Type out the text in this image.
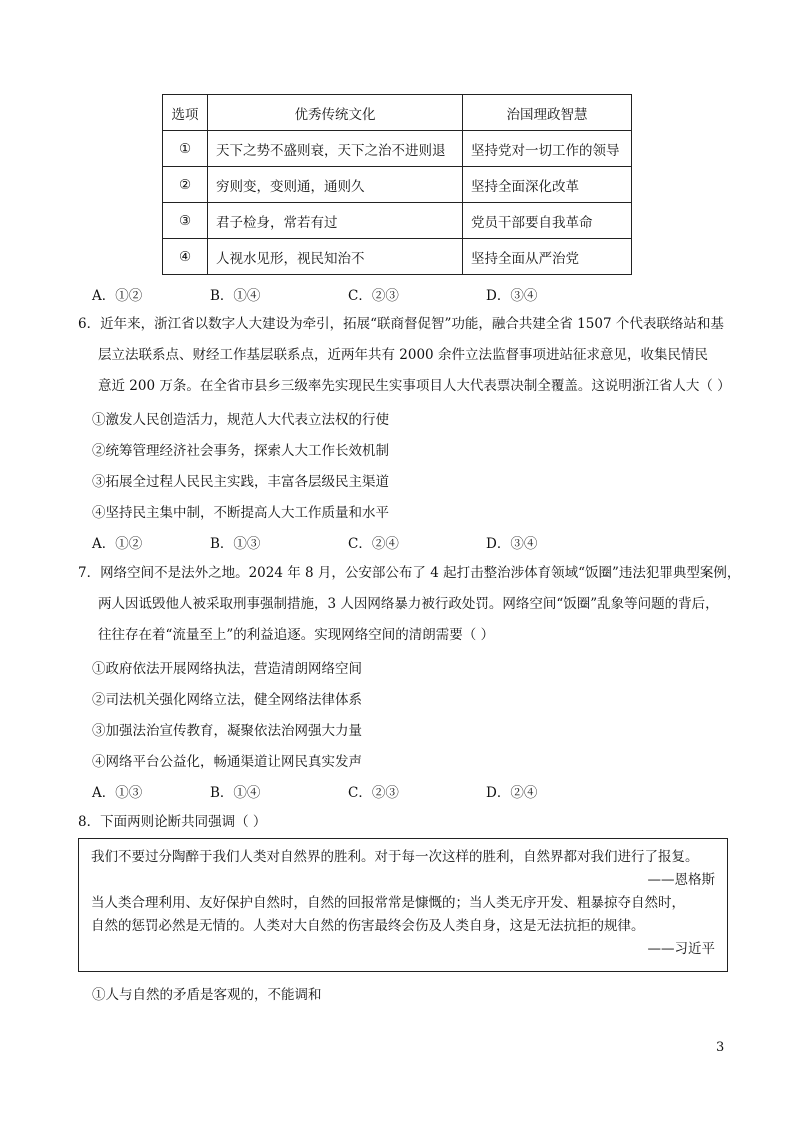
选项	优秀传统文化	治国理政智慧
①	天下之势不盛则衰，天下之治不进则退	坚持党对一切工作的领导
②	穷则变，变则通，通则久	坚持全面深化改革
③	君子检身，常若有过	党员干部要自我革命
④	人视水见形，视民知治不	坚持全面从严治党
A．①②	B．①④	C．②③	D．③④
6．近年来，浙江省以数字人大建设为牵引，拓展“联商督促智”功能，融合共建全省 1507 个代表联络站和基
层立法联系点、财经工作基层联系点，近两年共有 2000 余件立法监督事项进站征求意见，收集民情民
意近 200 万条。在全省市县乡三级率先实现民生实事项目人大代表票决制全覆盖。这说明浙江省人大（ ）
①激发人民创造活力，规范人大代表立法权的行使
②统筹管理经济社会事务，探索人大工作长效机制
③拓展全过程人民民主实践，丰富各层级民主渠道
④坚持民主集中制，不断提高人大工作质量和水平
A．①②	B．①③	C．②④	D．③④
7．网络空间不是法外之地。2024 年 8 月，公安部公布了 4 起打击整治涉体育领域“饭圈”违法犯罪典型案例，
两人因诋毁他人被采取刑事强制措施，3 人因网络暴力被行政处罚。网络空间“饭圈”乱象等问题的背后，
往往存在着“流量至上”的利益追逐。实现网络空间的清朗需要（ ）
①政府依法开展网络执法，营造清朗网络空间
②司法机关强化网络立法，健全网络法律体系
③加强法治宣传教育，凝聚依法治网强大力量
④网络平台公益化，畅通渠道让网民真实发声
A．①③	B．①④	C．②③	D．②④
8．下面两则论断共同强调（ ）
我们不要过分陶醉于我们人类对自然界的胜利。对于每一次这样的胜利，自然界都对我们进行了报复。
——恩格斯
当人类合理利用、友好保护自然时，自然的回报常常是慷慨的；当人类无序开发、粗暴掠夺自然时，
自然的惩罚必然是无情的。人类对大自然的伤害最终会伤及人类自身，这是无法抗拒的规律。
——习近平
①人与自然的矛盾是客观的，不能调和
3
